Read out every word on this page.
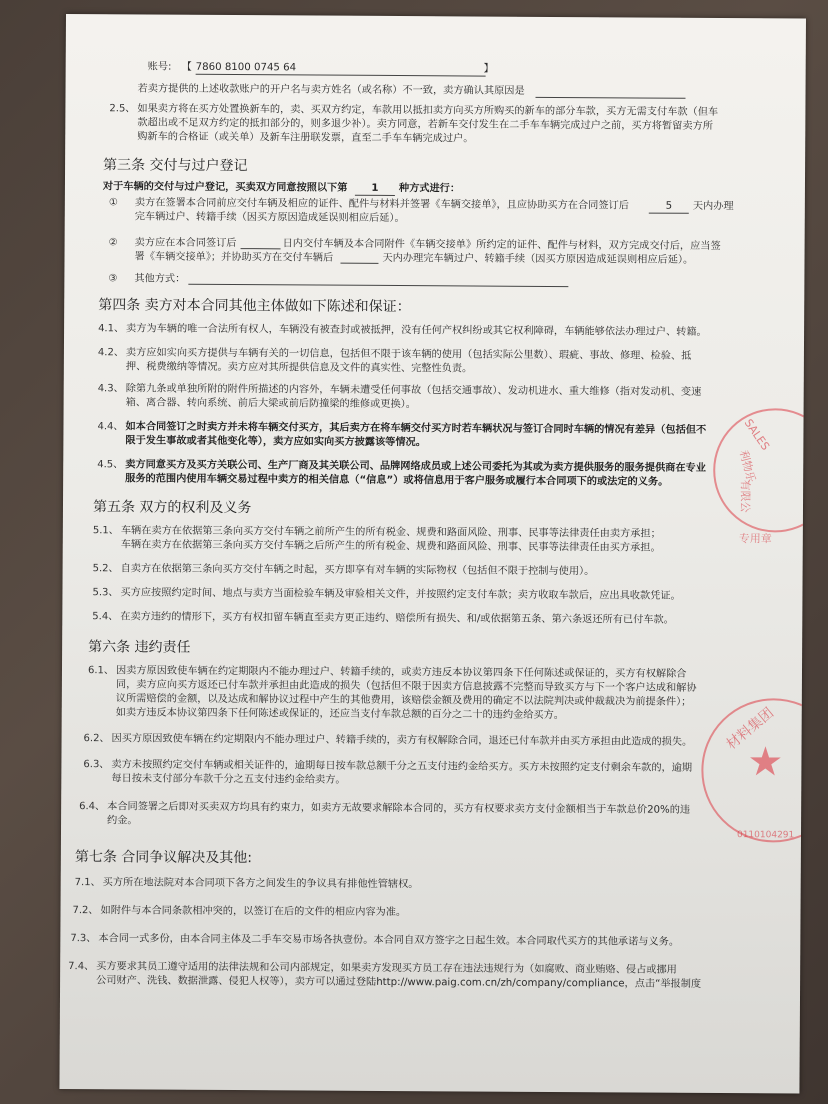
账号: 【 7860 8100 0745 64	】
若卖方提供的上述收款账户的开户名与卖方姓名（或名称）不一致，卖方确认其原因是
2.5、 如果卖方将在买方处置换新车的，卖、买双方约定，车款用以抵扣卖方向买方所购买的新车的部分车款，买方无需支付车款（但车
款超出或不足双方约定的抵扣部分的，则多退少补）。卖方同意，若新车交付发生在二手车车辆完成过户之前，买方将暂留卖方所
购新车的合格证（或关单）及新车注册联发票，直至二手车车辆完成过户。
第三条 交付与过户登记
对于车辆的交付与过户登记，买卖双方同意按照以下第	1	种方式进行：
① 卖方在签署本合同前应交付车辆及相应的证件、配件与材料并签署《车辆交接单》，且应协助买方在合同签订后	5	天内办理
完车辆过户、转籍手续（因买方原因造成延误则相应后延）。
② 卖方应在本合同签订后	日内交付车辆及本合同附件《车辆交接单》所约定的证件、配件与材料，双方完成交付后，应当签
署《车辆交接单》；并协助买方在交付车辆后	天内办理完车辆过户、转籍手续（因买方原因造成延误则相应后延）。
③ 其他方式：
第四条 卖方对本合同其他主体做如下陈述和保证：
4.1、 卖方为车辆的唯一合法所有权人，车辆没有被查封或被抵押，没有任何产权纠纷或其它权利障碍，车辆能够依法办理过户、转籍。
4.2、 卖方应如实向买方提供与车辆有关的一切信息，包括但不限于该车辆的使用（包括实际公里数）、瑕疵、事故、修理、检验、抵
押、税费缴纳等情况。卖方应对其所提供信息及文件的真实性、完整性负责。
4.3、 除第九条或单独所附的附件所描述的内容外，车辆未遭受任何事故（包括交通事故）、发动机进水、重大维修（指对发动机、变速
箱、离合器、转向系统、前后大梁或前后防撞梁的维修或更换）。
4.4、 如本合同签订之时卖方并未将车辆交付买方，其后卖方在将车辆交付买方时若车辆状况与签订合同时车辆的情况有差异（包括但不
限于发生事故或者其他变化等），卖方应如实向买方披露该等情况。
4.5、 卖方同意买方及买方关联公司、生产厂商及其关联公司、品牌网络成员或上述公司委托为其或为卖方提供服务的服务提供商在专业
服务的范围内使用车辆交易过程中卖方的相关信息（“信息”）或将信息用于客户服务或履行本合同项下的或法定的义务。
第五条 双方的权利及义务
5.1、 车辆在卖方在依据第三条向买方交付车辆之前所产生的所有税金、规费和路面风险、刑事、民事等法律责任由卖方承担；
车辆在卖方在依据第三条向买方交付车辆之后所产生的所有税金、规费和路面风险、刑事、民事等法律责任由买方承担。
5.2、 自卖方在依据第三条向买方交付车辆之时起，买方即享有对车辆的实际物权（包括但不限于控制与使用）。
5.3、 买方应按照约定时间、地点与卖方当面检验车辆及审验相关文件，并按照约定支付车款；卖方收取车款后，应出具收款凭证。
5.4、 在卖方违约的情形下，买方有权扣留车辆直至卖方更正违约、赔偿所有损失、和/或依据第五条、第六条返还所有已付车款。
第六条 违约责任
6.1、 因卖方原因致使车辆在约定期限内不能办理过户、转籍手续的，或卖方违反本协议第四条下任何陈述或保证的，买方有权解除合
同，卖方应向买方返还已付车款并承担由此造成的损失（包括但不限于因卖方信息披露不完整而导致买方与下一个客户达成和解协
议所需赔偿的金额，以及达成和解协议过程中产生的其他费用，该赔偿金额及费用的确定不以法院判决或仲裁裁决为前提条件）；
如卖方违反本协议第四条下任何陈述或保证的，还应当支付车款总额的百分之二十的违约金给买方。
6.2、 因买方原因致使车辆在约定期限内不能办理过户、转籍手续的，卖方有权解除合同，退还已付车款并由买方承担由此造成的损失。
6.3、 卖方未按照约定交付车辆或相关证件的，逾期每日按车款总额千分之五支付违约金给买方。买方未按照约定支付剩余车款的，逾期
每日按未支付部分车款千分之五支付违约金给卖方。
6.4、 本合同签署之后即对买卖双方均具有约束力，如卖方无故要求解除本合同的，买方有权要求卖方支付金额相当于车款总价20%的违
约金。
第七条 合同争议解决及其他:
7.1、 买方所在地法院对本合同项下各方之间发生的争议具有排他性管辖权。
7.2、 如附件与本合同条款相冲突的，以签订在后的文件的相应内容为准。
7.3、 本合同一式多份，由本合同主体及二手车交易市场各执壹份。本合同自双方签字之日起生效。本合同取代买方的其他承诺与义务。
7.4、 买方要求其员工遵守适用的法律法规和公司内部规定，如果卖方发现买方员工存在违法违规行为（如腐败、商业贿赂、侵占或挪用
公司财产、洗钱、数据泄露、侵犯人权等），卖方可以通过登陆http://www.paig.com.cn/zh/company/compliance，点击“举报制度
SALES
利物乐
有限公
专用章
材料集团
★
0110104291
